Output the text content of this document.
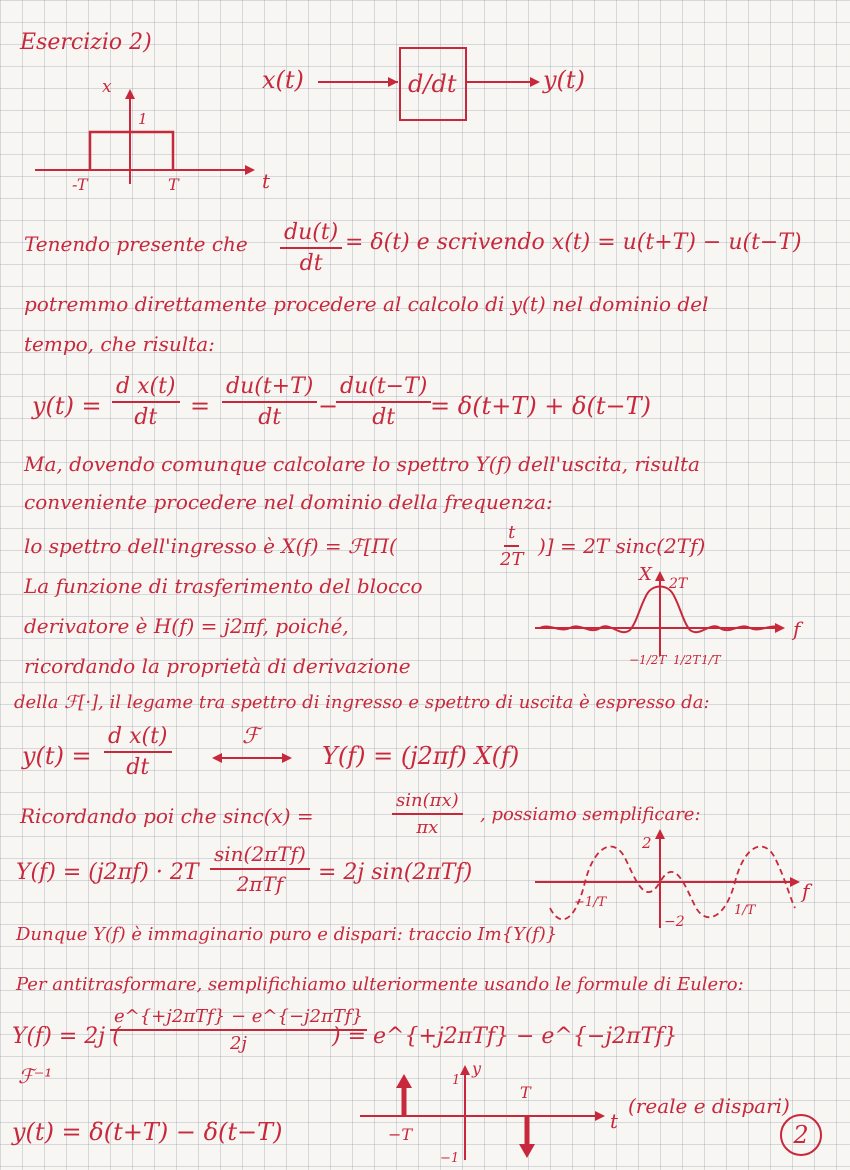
Esercizio 2)
x(t)	d/dt	y(t)
x
1
-T	T	t
Tenendo presente che $\frac{du(t)}{dt} = \delta(t)$ e scrivendo x(t) = u(t+T) − u(t−T)
potremmo direttamente procedere al calcolo di y(t) nel dominio del
tempo, che risulta:
$y(t) = \frac{\text{d x(t)}}{dt} = \frac{du(t+T)}{dt}$ −
$\frac{du(t-T)}{dt}$
= δ(t+T) + δ(t−T)
Ma, dovendo comunque calcolare lo spettro Y(f) dell'uscita, risulta
conveniente procedere nel dominio della frequenza:
lo spettro dell'ingresso è X(f) = ℱ[Π(	$\frac{t}{2T}$ )] = 2T sinc(2Tf)
La funzione di trasferimento del blocco
derivatore è H(f) = j2πf, poiché,
ricordando la proprietà di derivazione
della ℱ[·], il legame tra spettro di ingresso e spettro di uscita è espresso da:
X 2T
f
−1/2T 1/2T 1/T
$y(t) = \frac{\text{d x(t)}}{dt}$	ℱ
Y(f) = (j2πf) X(f)
Ricordando poi che sinc(x) =	$\frac{\sin(\pi x)}{\pi x}$ , possiamo semplificare:
Y(f) = (j2πf) · 2T
sin(2πTf)
2πTf = 2j sin(2πTf)
2
−2
−1/T
1/T
f
Dunque Y(f) è immaginario puro e dispari: traccio Im{Y(f)}
Per antitrasformare, semplifichiamo ulteriormente usando le formule di Eulero:
Y(f) = 2j (
e^{+j2πTf} − e^{−j2πTf}
2j	) = e^{+j2πTf} − e^{−j2πTf}
ℱ⁻¹
y(t) = δ(t+T) − δ(t−T)
y
1
−1
−T
T
t
(reale e dispari)
2
